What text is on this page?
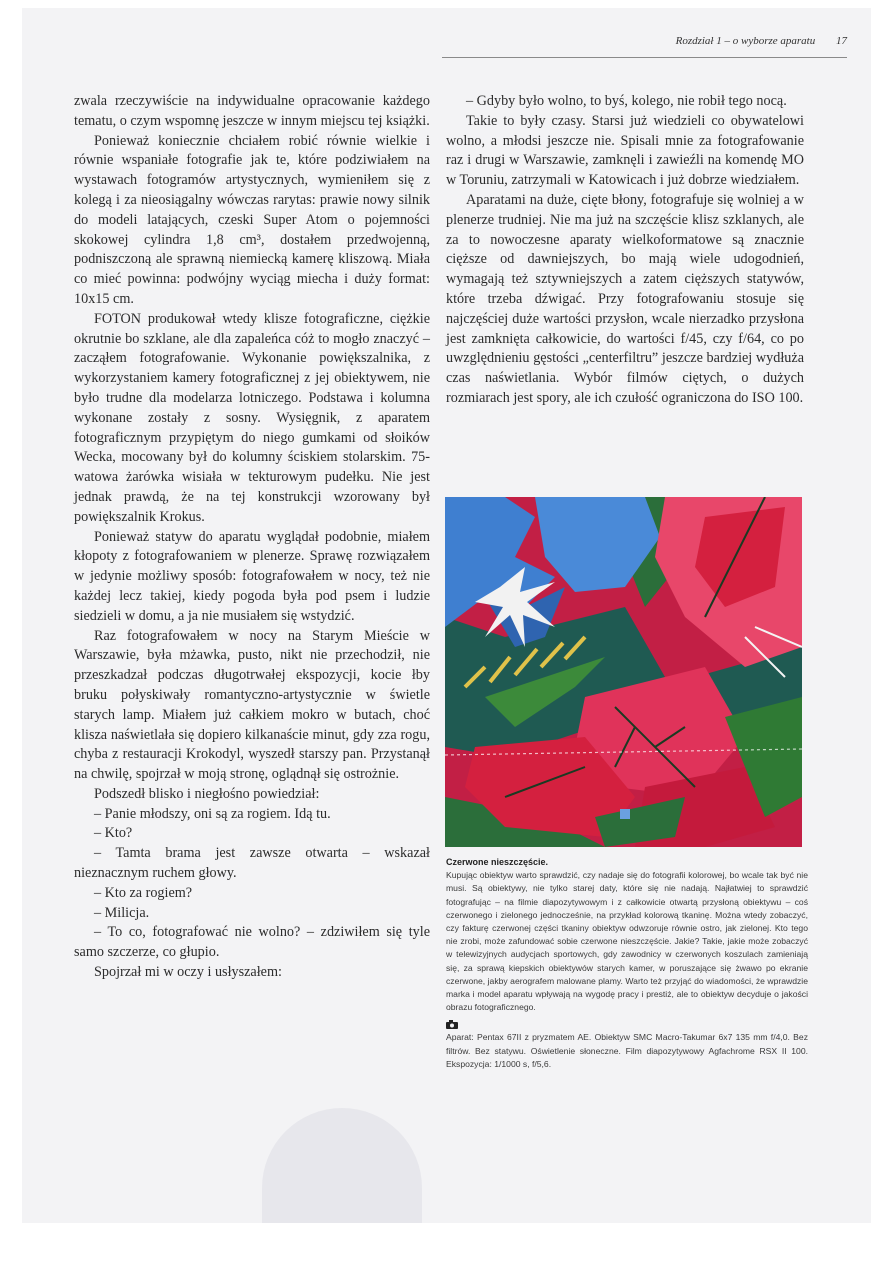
Rozdział 1 – o wyborze aparatu 17

zwala rzeczywiście na indywidualne opracowanie każdego tematu, o czym wspomnę jeszcze w innym miejscu tej książki.

Ponieważ koniecznie chciałem robić równie wielkie i równie wspaniałe fotografie jak te, które podziwiałem na wystawach fotogramów artystycznych, wymieniłem się z kolegą i za nieosiągalny wówczas rarytas: prawie nowy silnik do modeli latających, czeski Super Atom o pojemności skokowej cylindra 1,8 cm³, dostałem przedwojenną, podniszczoną ale sprawną niemiecką kamerę kliszową. Miała co mieć powinna: podwójny wyciąg miecha i duży format: 10x15 cm.

FOTON produkował wtedy klisze fotograficzne, ciężkie okrutnie bo szklane, ale dla zapaleńca cóż to mogło znaczyć – zacząłem fotografowanie. Wykonanie powiększalnika, z wykorzystaniem kamery fotograficznej z jej obiektywem, nie było trudne dla modelarza lotniczego. Podstawa i kolumna wykonane zostały z sosny. Wysięgnik, z aparatem fotograficznym przypiętym do niego gumkami od słoików Wecka, mocowany był do kolumny ściskiem stolarskim. 75-watowa żarówka wisiała w tekturowym pudełku. Nie jest jednak prawdą, że na tej konstrukcji wzorowany był powiększalnik Krokus.

Ponieważ statyw do aparatu wyglądał podobnie, miałem kłopoty z fotografowaniem w plenerze. Sprawę rozwiązałem w jedynie możliwy sposób: fotografowałem w nocy, też nie każdej lecz takiej, kiedy pogoda była pod psem i ludzie siedzieli w domu, a ja nie musiałem się wstydzić.

Raz fotografowałem w nocy na Starym Mieście w Warszawie, była mżawka, pusto, nikt nie przechodził, nie przeszkadzał podczas długotrwałej ekspozycji, kocie łby bruku połyskiwały romantyczno-artystycznie w świetle starych lamp. Miałem już całkiem mokro w butach, choć klisza naświetlała się dopiero kilkanaście minut, gdy zza rogu, chyba z restauracji Krokodyl, wyszedł starszy pan. Przystanął na chwilę, spojrzał w moją stronę, oglądnął się ostrożnie.

Podszedł blisko i niegłośno powiedział:

– Panie młodszy, oni są za rogiem. Idą tu.

– Kto?

– Tamta brama jest zawsze otwarta – wskazał nieznacznym ruchem głowy.

– Kto za rogiem?

– Milicja.

– To co, fotografować nie wolno? – zdziwiłem się tyle samo szczerze, co głupio.

Spojrzał mi w oczy i usłyszałem:

– Gdyby było wolno, to byś, kolego, nie robił tego nocą.

Takie to były czasy. Starsi już wiedzieli co obywatelowi wolno, a młodsi jeszcze nie. Spisali mnie za fotografowanie raz i drugi w Warszawie, zamknęli i zawieźli na komendę MO w Toruniu, zatrzymali w Katowicach i już dobrze wiedziałem.

Aparatami na duże, cięte błony, fotografuje się wolniej a w plenerze trudniej. Nie ma już na szczęście klisz szklanych, ale za to nowoczesne aparaty wielkoformatowe są znacznie cięższe od dawniejszych, bo mają wiele udogodnień, wymagają też sztywniejszych a zatem cięższych statywów, które trzeba dźwigać. Przy fotografowaniu stosuje się najczęściej duże wartości przysłon, wcale nierzadko przysłona jest zamknięta całkowicie, do wartości f/45, czy f/64, co po uwzględnieniu gęstości „centerfiltru” jeszcze bardziej wydłuża czas naświetlania. Wybór filmów ciętych, o dużych rozmiarach jest spory, ale ich czułość ograniczona do ISO 100.

Czerwone nieszczęście.

Kupując obiektyw warto sprawdzić, czy nadaje się do fotografii kolorowej, bo wcale tak być nie musi. Są obiektywy, nie tylko starej daty, które się nie nadają. Najłatwiej to sprawdzić fotografując – na filmie diapozytywowym i z całkowicie otwartą przysłoną obiektywu – coś czerwonego i zielonego jednocześnie, na przykład kolorową tkaninę. Można wtedy zobaczyć, czy fakturę czerwonej części tkaniny obiektyw odwzoruje równie ostro, jak zielonej. Kto tego nie zrobi, może zafundować sobie czerwone nieszczęście. Jakie? Takie, jakie może zobaczyć w telewizyjnych audycjach sportowych, gdy zawodnicy w czerwonych koszulach zamieniają się, za sprawą kiepskich obiektywów starych kamer, w poruszające się żwawo po ekranie czerwone, jakby aerografem malowane plamy. Warto też przyjąć do wiadomości, że wprawdzie marka i model aparatu wpływają na wygodę pracy i prestiż, ale to obiektyw decyduje o jakości obrazu fotograficznego.

Aparat: Pentax 67II z pryzmatem AE. Obiektyw SMC Macro-Takumar 6x7 135 mm f/4,0. Bez filtrów. Bez statywu. Oświetlenie słoneczne. Film diapozytywowy Agfachrome RSX II 100. Ekspozycja: 1/1000 s, f/5,6.
